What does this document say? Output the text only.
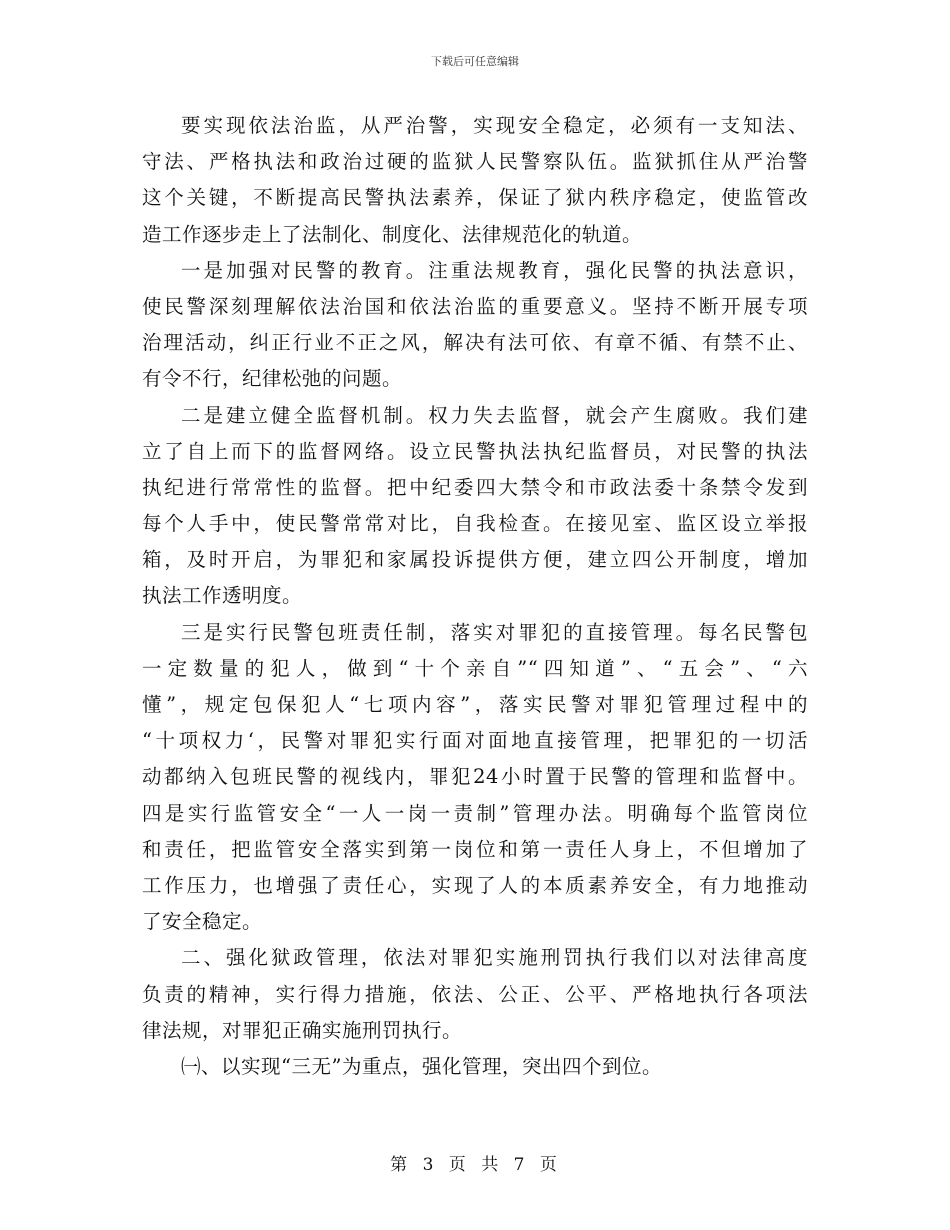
下载后可任意编辑
要实现依法治监，从严治警，实现安全稳定，必须有一支知法、
守法、严格执法和政治过硬的监狱人民警察队伍。监狱抓住从严治警
这个关键，不断提高民警执法素养，保证了狱内秩序稳定，使监管改
造工作逐步走上了法制化、制度化、法律规范化的轨道。
一是加强对民警的教育。注重法规教育，强化民警的执法意识，
使民警深刻理解依法治国和依法治监的重要意义。坚持不断开展专项
治理活动，纠正行业不正之风，解决有法可依、有章不循、有禁不止、
有令不行，纪律松弛的问题。
二是建立健全监督机制。权力失去监督，就会产生腐败。我们建
立了自上而下的监督网络。设立民警执法执纪监督员，对民警的执法
执纪进行常常性的监督。把中纪委四大禁令和市政法委十条禁令发到
每个人手中，使民警常常对比，自我检查。在接见室、监区设立举报
箱，及时开启，为罪犯和家属投诉提供方便，建立四公开制度，增加
执法工作透明度。
三是实行民警包班责任制，落实对罪犯的直接管理。每名民警包
一定数量的犯人，做到“十个亲自”“四知道”、“五会”、“六
懂”，规定包保犯人“七项内容”，落实民警对罪犯管理过程中的
“十项权力‘，民警对罪犯实行面对面地直接管理，把罪犯的一切活
动都纳入包班民警的视线内，罪犯24小时置于民警的管理和监督中。
四是实行监管安全“一人一岗一责制”管理办法。明确每个监管岗位
和责任，把监管安全落实到第一岗位和第一责任人身上，不但增加了
工作压力，也增强了责任心，实现了人的本质素养安全，有力地推动
了安全稳定。
二、强化狱政管理，依法对罪犯实施刑罚执行我们以对法律高度
负责的精神，实行得力措施，依法、公正、公平、严格地执行各项法
律法规，对罪犯正确实施刑罚执行。
㈠、以实现“三无”为重点，强化管理，突出四个到位。
第 3 页 共 7 页
